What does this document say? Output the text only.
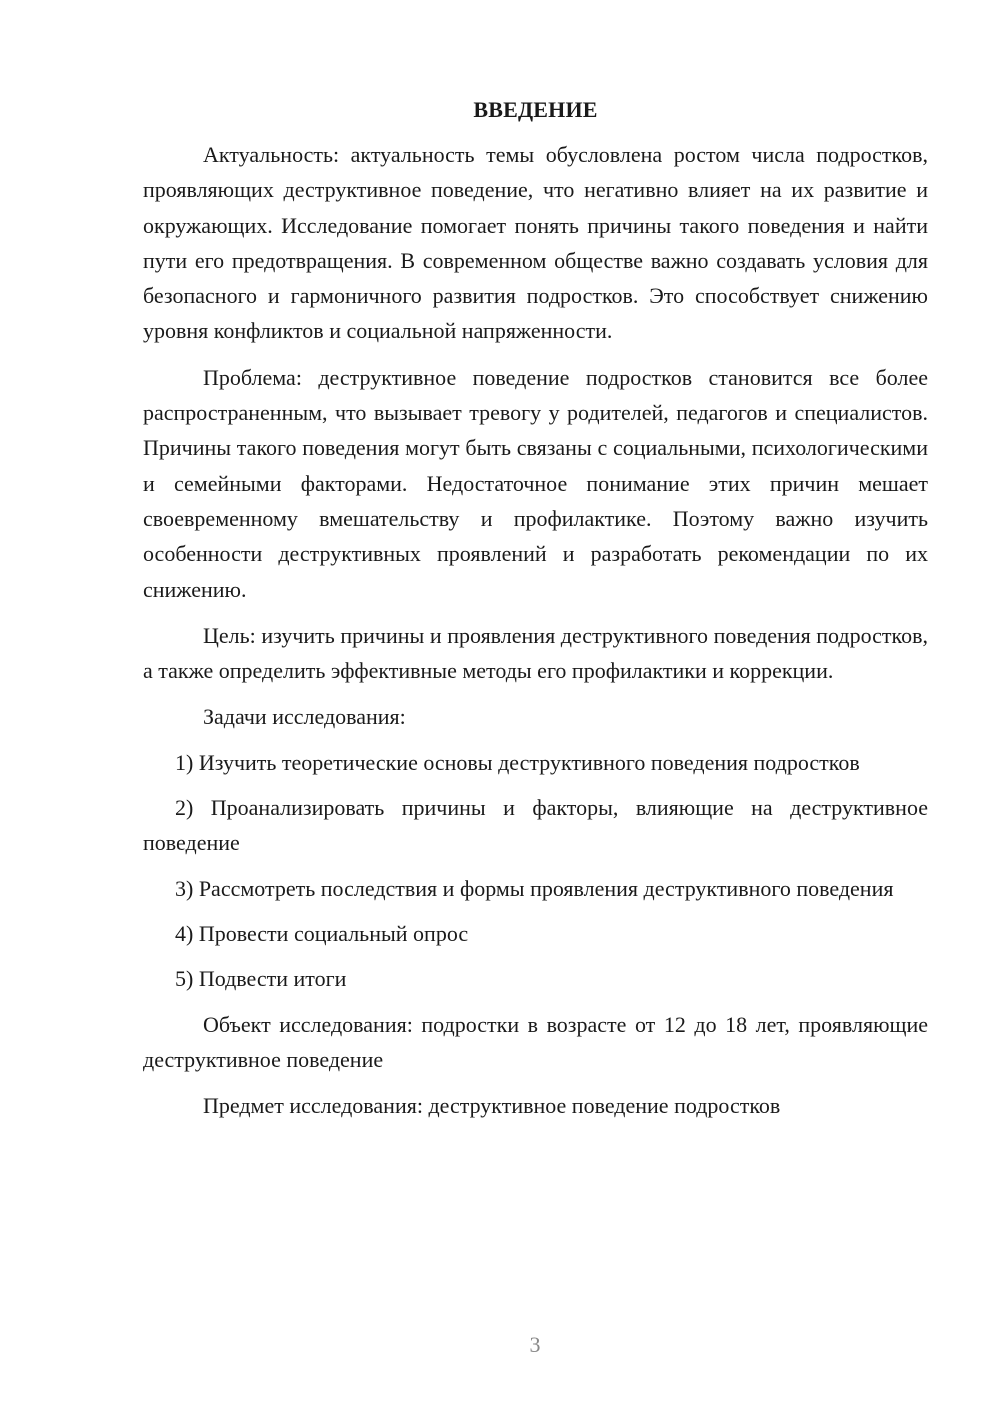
ВВЕДЕНИЕ

Актуальность: актуальность темы обусловлена ростом числа подростков, проявляющих деструктивное поведение, что негативно влияет на их развитие и окружающих. Исследование помогает понять причины такого поведения и найти пути его предотвращения. В современном обществе важно создавать условия для безопасного и гармоничного развития подростков. Это способствует снижению уровня конфликтов и социальной напряженности.

Проблема: деструктивное поведение подростков становится все более распространенным, что вызывает тревогу у родителей, педагогов и специалистов. Причины такого поведения могут быть связаны с социальными, психологическими и семейными факторами. Недостаточное понимание этих причин мешает своевременному вмешательству и профилактике. Поэтому важно изучить особенности деструктивных проявлений и разработать рекомендации по их снижению.

Цель: изучить причины и проявления деструктивного поведения подростков, а также определить эффективные методы его профилактики и коррекции.

Задачи исследования:

1) Изучить теоретические основы деструктивного поведения подростков

2) Проанализировать причины и факторы, влияющие на деструктивное поведение

3) Рассмотреть последствия и формы проявления деструктивного поведения

4) Провести социальный опрос

5) Подвести итоги

Объект исследования: подростки в возрасте от 12 до 18 лет, проявляющие деструктивное поведение

Предмет исследования: деструктивное поведение подростков

3
